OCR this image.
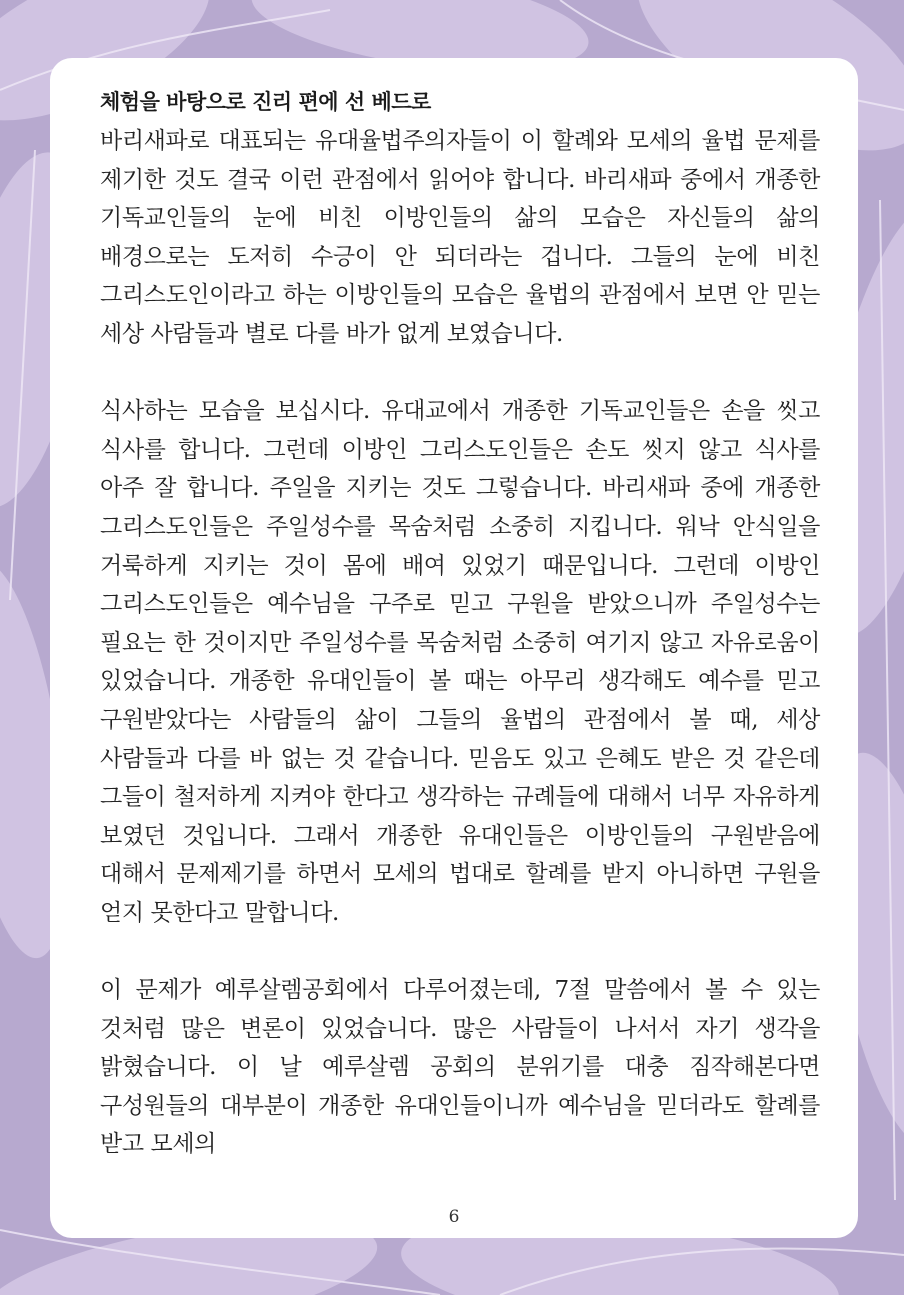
체험을 바탕으로 진리 편에 선 베드로

바리새파로 대표되는 유대율법주의자들이 이 할례와 모세의 율법 문제를 제기한 것도 결국 이런 관점에서 읽어야 합니다. 바리새파 중에서 개종한 기독교인들의 눈에 비친 이방인들의 삶의 모습은 자신들의 삶의 배경으로는 도저히 수긍이 안 되더라는 겁니다. 그들의 눈에 비친 그리스도인이라고 하는 이방인들의 모습은 율법의 관점에서 보면 안 믿는 세상 사람들과 별로 다를 바가 없게 보였습니다.

식사하는 모습을 보십시다. 유대교에서 개종한 기독교인들은 손을 씻고 식사를 합니다. 그런데 이방인 그리스도인들은 손도 씻지 않고 식사를 아주 잘 합니다. 주일을 지키는 것도 그렇습니다. 바리새파 중에 개종한 그리스도인들은 주일성수를 목숨처럼 소중히 지킵니다. 워낙 안식일을 거룩하게 지키는 것이 몸에 배여 있었기 때문입니다. 그런데 이방인 그리스도인들은 예수님을 구주로 믿고 구원을 받았으니까 주일성수는 필요는 한 것이지만 주일성수를 목숨처럼 소중히 여기지 않고 자유로움이 있었습니다. 개종한 유대인들이 볼 때는 아무리 생각해도 예수를 믿고 구원받았다는 사람들의 삶이 그들의 율법의 관점에서 볼 때, 세상 사람들과 다를 바 없는 것 같습니다. 믿음도 있고 은혜도 받은 것 같은데 그들이 철저하게 지켜야 한다고 생각하는 규례들에 대해서 너무 자유하게 보였던 것입니다. 그래서 개종한 유대인들은 이방인들의 구원받음에 대해서 문제제기를 하면서 모세의 법대로 할례를 받지 아니하면 구원을 얻지 못한다고 말합니다.

이 문제가 예루살렘공회에서 다루어졌는데, 7절 말씀에서 볼 수 있는 것처럼 많은 변론이 있었습니다. 많은 사람들이 나서서 자기 생각을 밝혔습니다. 이 날 예루살렘 공회의 분위기를 대충 짐작해본다면 구성원들의 대부분이 개종한 유대인들이니까 예수님을 믿더라도 할례를 받고 모세의

6
